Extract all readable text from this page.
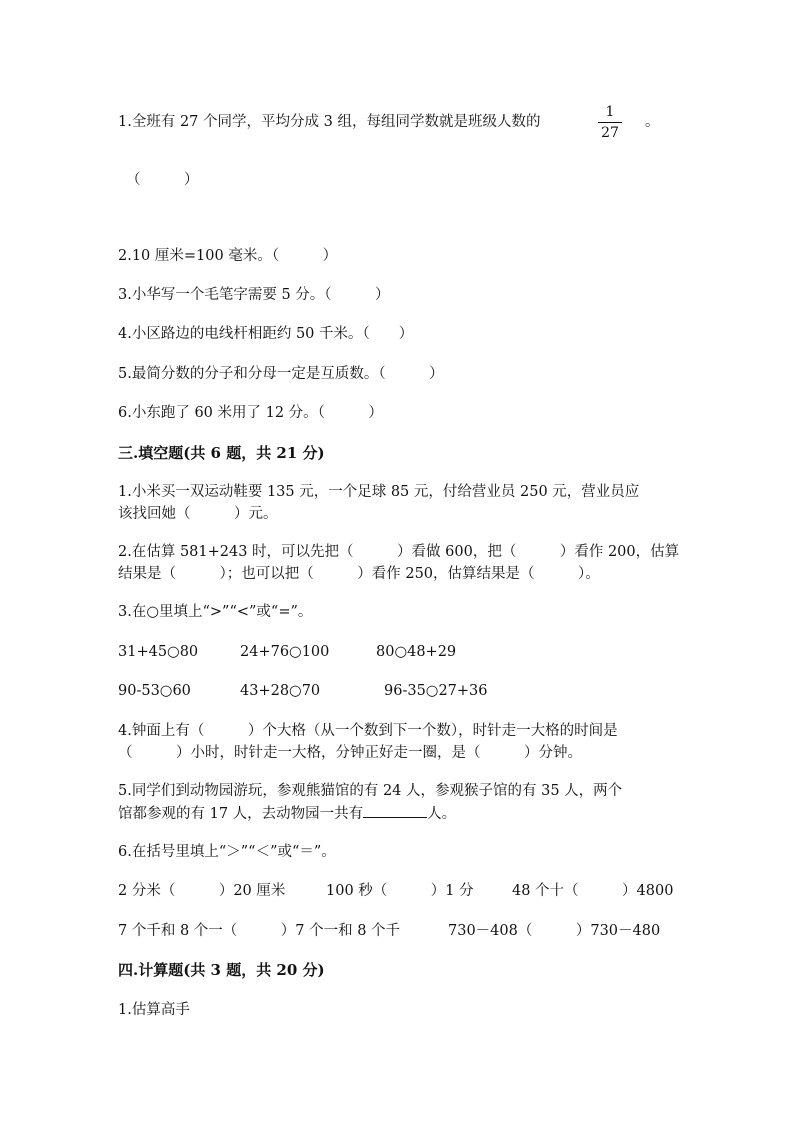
1.全班有 27 个同学，平均分成 3 组，每组同学数就是班级人数的
1
27
。
（　　　）
2.10 厘米=100 毫米。（　　　）
3.小华写一个毛笔字需要 5 分。（　　　）
4.小区路边的电线杆相距约 50 千米。（　　）
5.最简分数的分子和分母一定是互质数。（　　　）
6.小东跑了 60 米用了 12 分。（　　　）
三.填空题(共 6 题，共 21 分)
1.小米买一双运动鞋要 135 元，一个足球 85 元，付给营业员 250 元，营业员应
该找回她（　　　）元。
2.在估算 581+243 时，可以先把（　　　）看做 600，把（　　　）看作 200，估算
结果是（　　　）；也可以把（　　　）看作 250，估算结果是（　　　）。
3.在○里填上“>”“<”或“=”。
31+45○80	24+76○100	80○48+29
90-53○60	43+28○70	96-35○27+36
4.钟面上有（　　　）个大格（从一个数到下一个数），时针走一大格的时间是
（　　　）小时，时针走一大格，分钟正好走一圈，是（　　　）分钟。
5.同学们到动物园游玩，参观熊猫馆的有 24 人，参观猴子馆的有 35 人，两个
馆都参观的有 17 人，去动物园一共有	人。
6.在括号里填上“＞”“＜”或“＝”。
2 分米（　　　）20 厘米	100 秒（　　　）1 分	48 个十（　　　）4800
7 个千和 8 个一（　　　）7 个一和 8 个千	730－408（　　　）730－480
四.计算题(共 3 题，共 20 分)
1.估算高手
